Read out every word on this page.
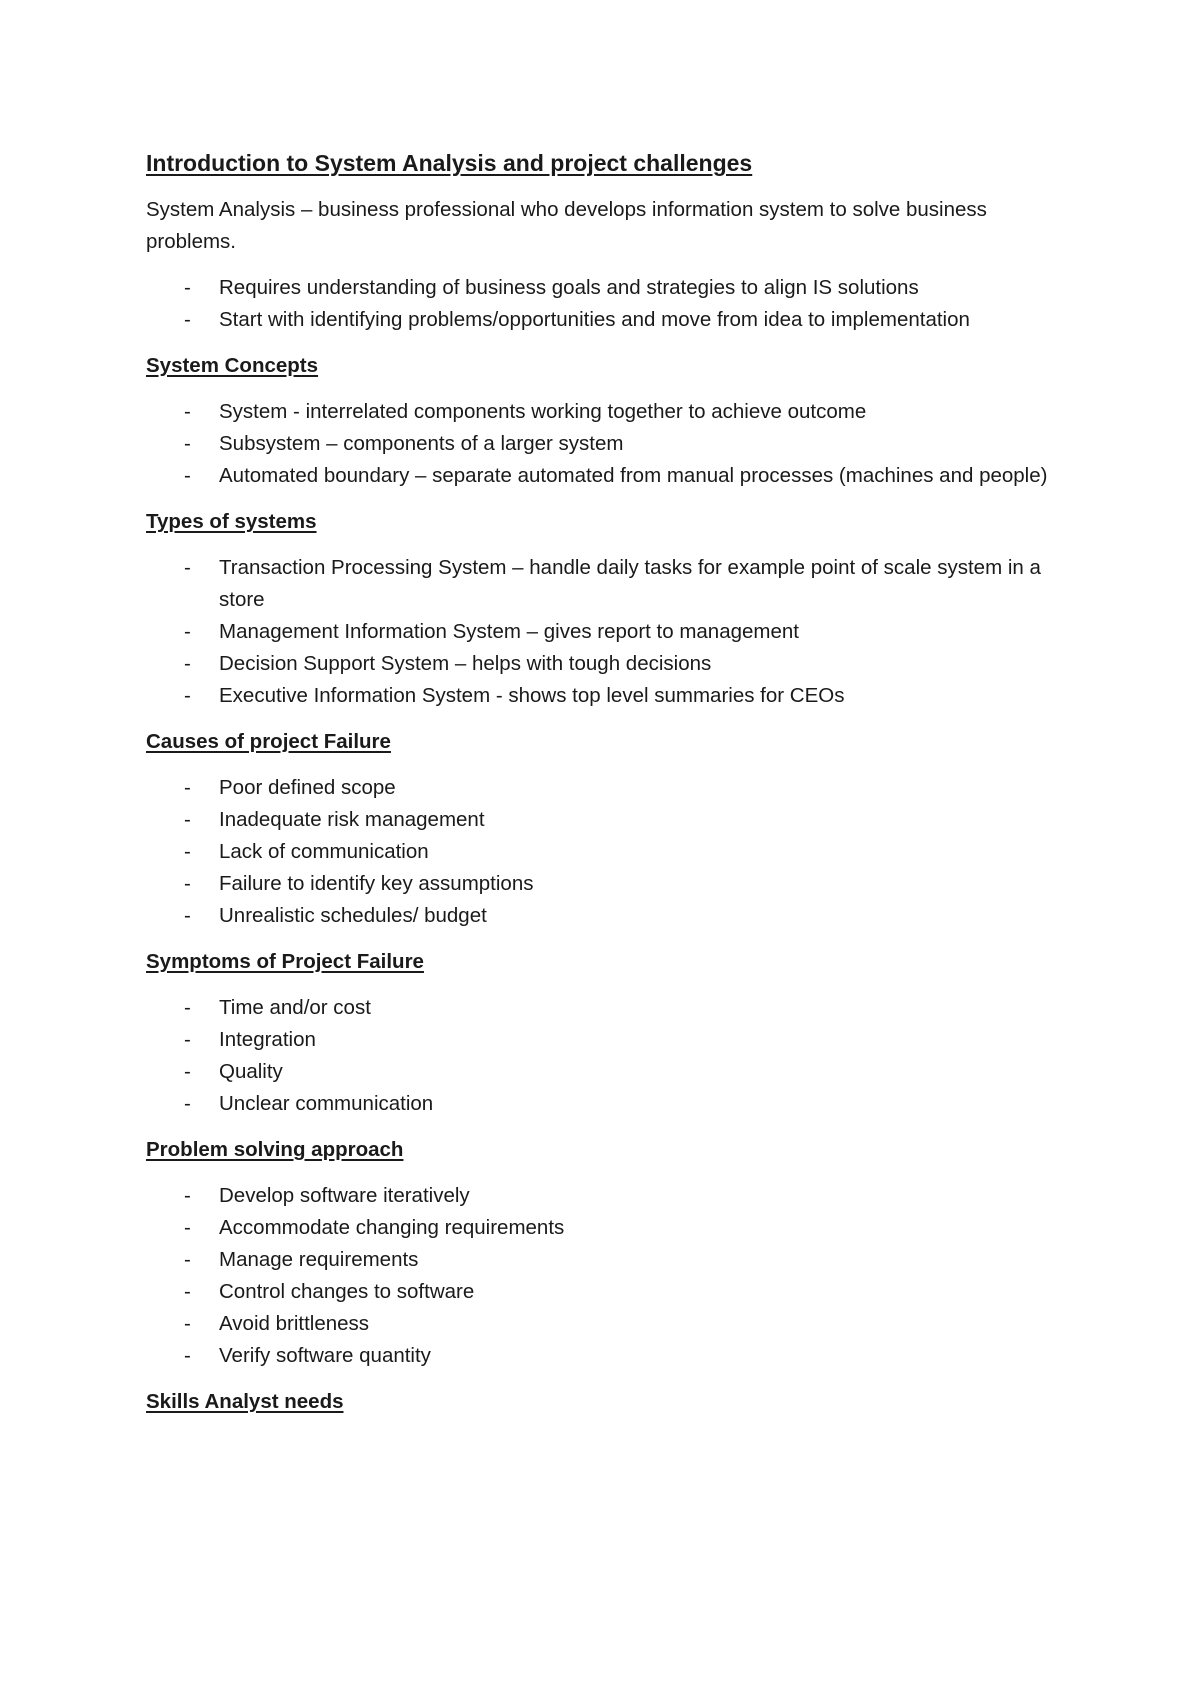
Introduction to System Analysis and project challenges
System Analysis – business professional who develops information system to solve business problems.
- Requires understanding of business goals and strategies to align IS solutions
- Start with identifying problems/opportunities and move from idea to implementation
System Concepts
- System - interrelated components working together to achieve outcome
- Subsystem – components of a larger system
- Automated boundary – separate automated from manual processes (machines and people)
Types of systems
- Transaction Processing System – handle daily tasks for example point of scale system in a store
- Management Information System – gives report to management
- Decision Support System – helps with tough decisions
- Executive Information System - shows top level summaries for CEOs
Causes of project Failure
- Poor defined scope
- Inadequate risk management
- Lack of communication
- Failure to identify key assumptions
- Unrealistic schedules/ budget
Symptoms of Project Failure
- Time and/or cost
- Integration
- Quality
- Unclear communication
Problem solving approach
- Develop software iteratively
- Accommodate changing requirements
- Manage requirements
- Control changes to software
- Avoid brittleness
- Verify software quantity
Skills Analyst needs
